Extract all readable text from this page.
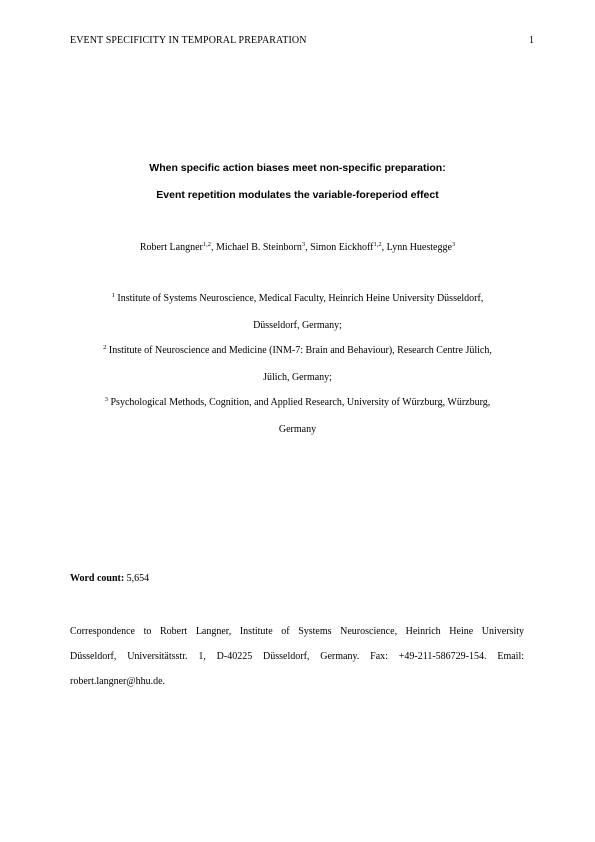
EVENT SPECIFICITY IN TEMPORAL PREPARATION	1
When specific action biases meet non-specific preparation:
Event repetition modulates the variable-foreperiod effect
Robert Langner$^{1,2}$, Michael B. Steinborn$^3$, Simon Eickhoff$^{1,2}$, Lynn Huestegge$^3$
$^1$ Institute of Systems Neuroscience, Medical Faculty, Heinrich Heine University Düsseldorf,
Düsseldorf, Germany;
$^2$ Institute of Neuroscience and Medicine (INM-7: Brain and Behaviour), Research Centre Jülich,
Jülich, Germany;
$^3$ Psychological Methods, Cognition, and Applied Research, University of Würzburg, Würzburg,
Germany
Word count: 5,654
Correspondence to Robert Langner, Institute of Systems Neuroscience, Heinrich Heine University
Düsseldorf, Universitätsstr. 1, D-40225 Düsseldorf, Germany. Fax: +49-211-586729-154. Email:
robert.langner@hhu.de.
